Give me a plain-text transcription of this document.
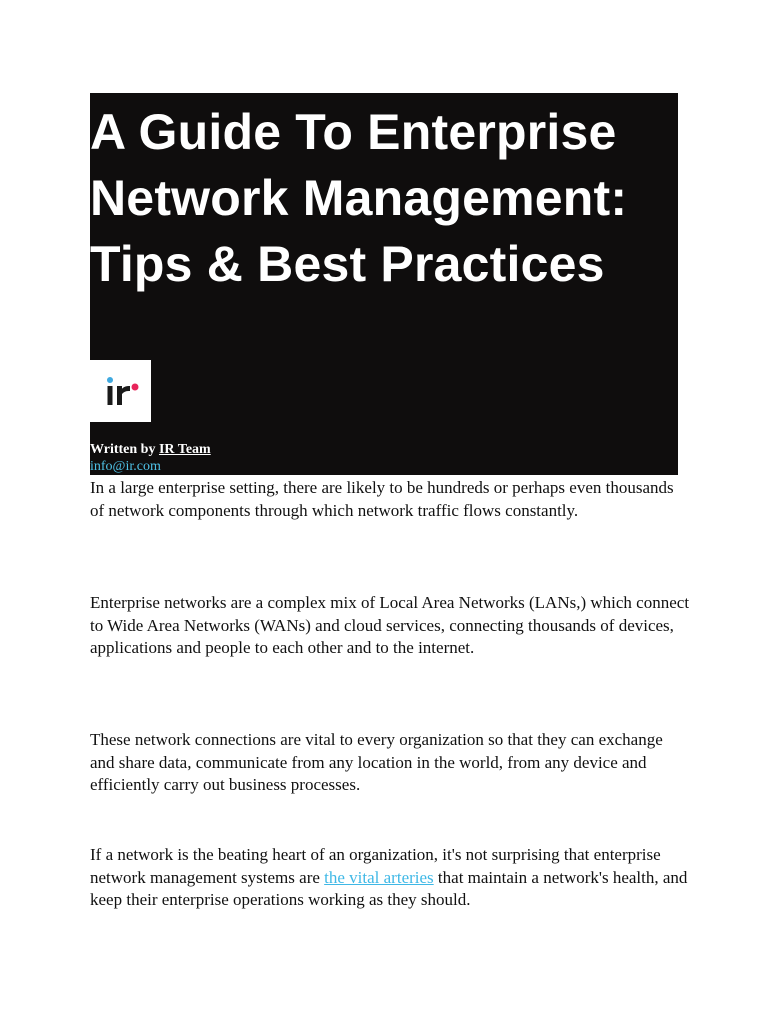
A Guide To Enterprise Network Management: Tips & Best Practices
Written by IR Team
info@ir.com

In a large enterprise setting, there are likely to be hundreds or perhaps even thousands of network components through which network traffic flows constantly.

Enterprise networks are a complex mix of Local Area Networks (LANs,) which connect to Wide Area Networks (WANs) and cloud services, connecting thousands of devices, applications and people to each other and to the internet.

These network connections are vital to every organization so that they can exchange and share data, communicate from any location in the world, from any device and efficiently carry out business processes.

If a network is the beating heart of an organization, it's not surprising that enterprise network management systems are the vital arteries that maintain a network's health, and keep their enterprise operations working as they should.
